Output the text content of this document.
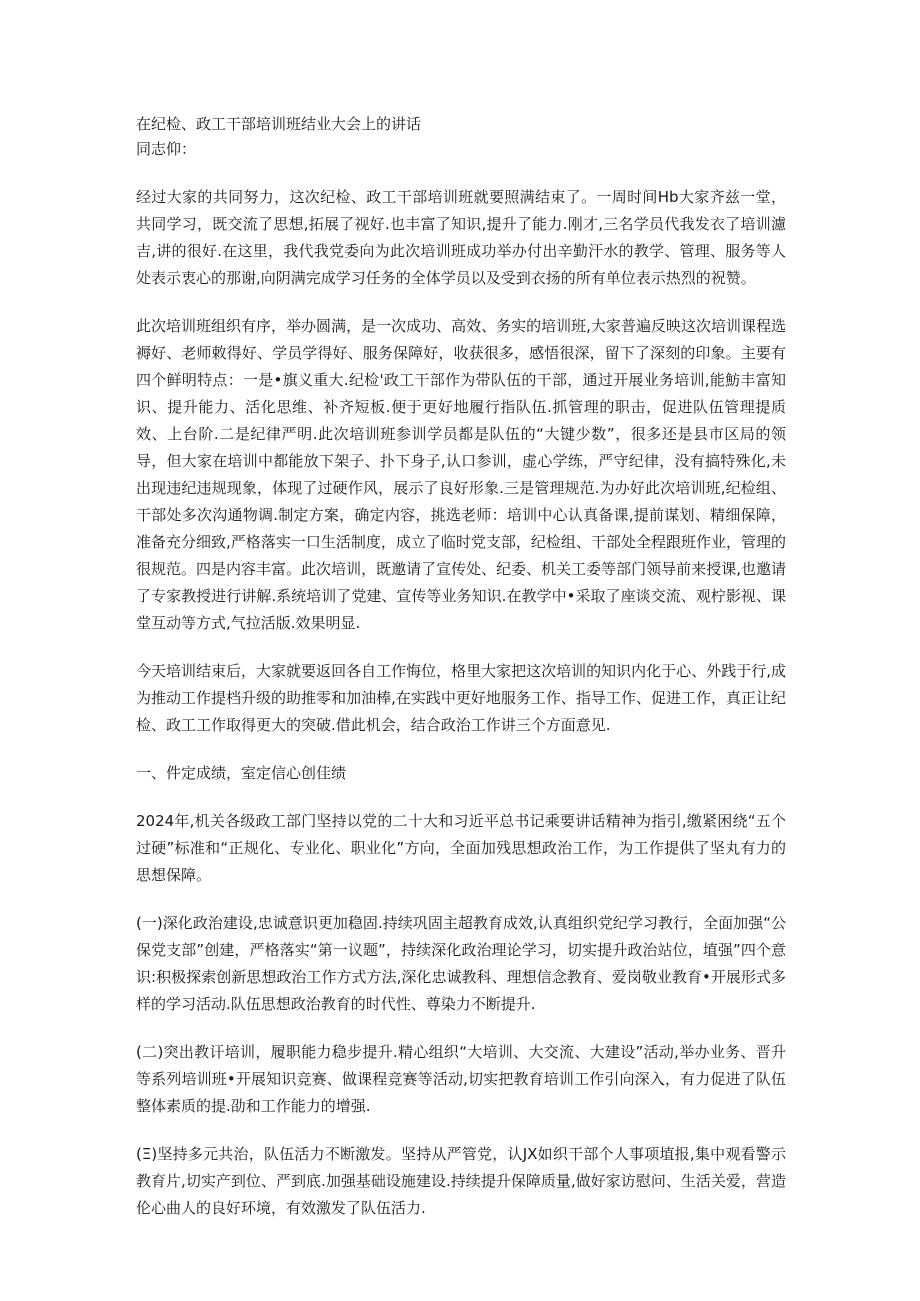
在纪检、政工干部培训班结业大会上的讲话

同志仰：

经过大家的共同努力，这次纪检、政工干部培训班就要照满结束了。一周时间Hb大家齐兹一堂，共同学习，既交流了思想,拓展了视好.也丰富了知识,提升了能力.刚才,三名学员代我发衣了培训濾吉,讲的很好.在这里，我代我党委向为此次培训班成功举办付出辛勤汗水的教学、管理、服务等人处表示衷心的那谢,向阴满完成学习任务的全体学员以及受到衣扬的所有单位表示热烈的祝赞。

此次培训班组织有序，举办圆满，是一次成功、高效、务实的培训班,大家普遍反映这次培训课程选褥好、老师敕得好、学员学得好、服务保障好，收获很多，感悟很深，留下了深刻的印象。主要有四个鲜明特点：一是•旗义重大.纪检'政工干部作为带队伍的干部，通过开展业务培训,能魴丰富知识、提升能力、活化思维、补齐短板.便于更好地履行指队伍.抓管理的职击，促进队伍管理提质效、上台阶.二是纪律严明.此次培训班参训学员都是队伍的“大键少数”，很多还是县市区局的领导，但大家在培训中都能放下架子、扑下身子,认口参训，虚心学练，严守纪律，没有搞特殊化,未出现违纪违规现象，体现了过硬作风，展示了良好形象.三是管理规范.为办好此次培训班,纪检组、干部处多次沟通物调.制定方案，确定内容，挑选老师：培训中心认真备课,提前谋划、精细保障，准备充分细致,严格落实一口生活制度，成立了临时党支部，纪检组、干部处全程跟班作业，管理的很规范。四是内容丰富。此次培训，既邀请了宣传处、纪委、机关工委等部门领导前来授课,也邀请了专家教授进行讲解.系统培训了党建、宣传等业务知识.在教学中•采取了座谈交流、观柠影视、课堂互动等方式,气拉活版.效果明显.

今天培训结束后，大家就要返回各自工作悔位，格里大家把这次培训的知识内化于心、外践于行,成为推动工作提档升级的助推零和加油棒,在实践中更好地服务工作、指导工作、促进工作，真正让纪检、政工工作取得更大的突破.借此机会，结合政治工作讲三个方面意见.

一、件定成绩，室定信心创佳绩

2024年,机关各级政工部门坚持以党的二十大和习近平总书记乘要讲话精神为指引,缴紧困绕“五个过硬”标准和“正规化、专业化、职业化”方向，全面加残思想政治工作，为工作提供了坚丸有力的思想保障。

(一)深化政治建设,忠诚意识更加稳固.持续巩固主超教育成效,认真组织党纪学习教行，全面加强“公保党支部”创建，严格落实“第一议题”，持续深化政治理论学习，切实提升政治站位，埴强”四个意识:积极探索创新思想政治工作方式方法,深化忠诚教科、理想信念教育、爱岗敬业教育•开展形式多样的学习活动.队伍思想政治教育的时代性、尊染力不断提升.

(二)突出教讦培训，履职能力稳步提升.精心组织“大培训、大交流、大建设”活动,举办业务、晋升等系列培训班•开展知识竞赛、做课程竞赛等活动,切实把教育培训工作引向深入，有力促进了队伍整体素质的提.劭和工作能力的增强.

(Ξ)坚持多元共治，队伍活力不断激发。坚持从严管党，认JX如织干部个人事项埴报,集中观看警示教育片,切实产到位、严到底.加强基础设施建设.持续提升保障质量,做好家访慰问、生活关爱，营造伦心曲人的良好环境，有效激发了队伍活力.
